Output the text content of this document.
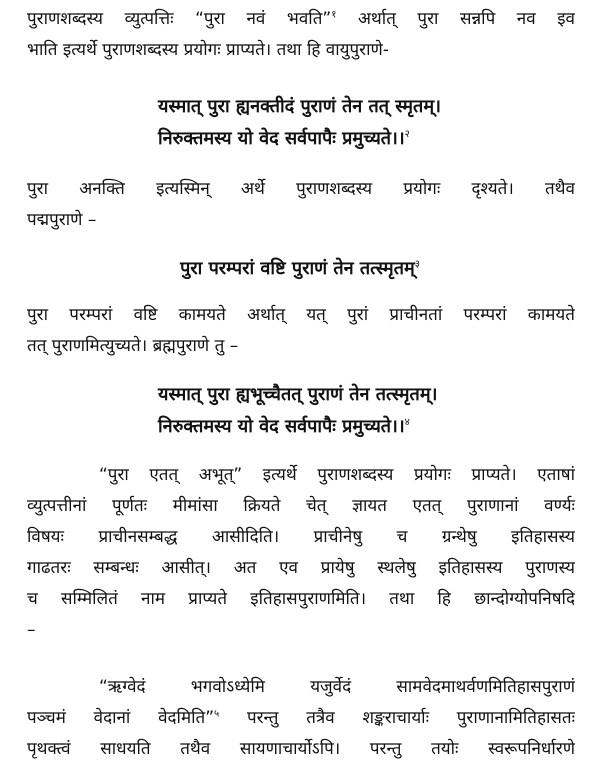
पुराणशब्दस्य व्युत्पत्तिः “पुरा नवं भवति”$^१$ अर्थात् पुरा सन्नपि नव इव
भाति इत्यर्थे पुराणशब्दस्य प्रयोगः प्राप्यते। तथा हि वायुपुराणे-
यस्मात् पुरा ह्यनक्तीदं पुराणं तेन तत् स्मृतम्।
निरुक्तमस्य यो वेद सर्वपापैः प्रमुच्यते।।$^२$
पुरा अनक्ति इत्यस्मिन् अर्थे पुराणशब्दस्य प्रयोगः दृश्यते। तथैव
पद्मपुराणे –
पुरा परम्परां वष्टि पुराणं तेन तत्स्मृतम्$^३$
पुरा परम्परां वष्टि कामयते अर्थात् यत् पुरां प्राचीनतां परम्परां कामयते
तत् पुराणमित्युच्यते। ब्रह्मपुराणे तु –
यस्मात् पुरा ह्यभूच्चैतत् पुराणं तेन तत्स्मृतम्।
निरुक्तमस्य यो वेद सर्वपापैः प्रमुच्यते।।$^४$
“पुरा एतत् अभूत्” इत्यर्थे पुराणशब्दस्य प्रयोगः प्राप्यते। एताषां
व्युत्पत्तीनां पूर्णतः मीमांसा क्रियते चेत् ज्ञायत एतत् पुराणानां वर्ण्यः
विषयः प्राचीनसम्बद्ध आसीदिति। प्राचीनेषु च ग्रन्थेषु इतिहासस्य
गाढतरः सम्बन्धः आसीत्। अत एव प्रायेषु स्थलेषु इतिहासस्य पुराणस्य
च सम्मिलितं नाम प्राप्यते इतिहासपुराणमिति। तथा हि छान्दोग्योपनिषदि
–
“ऋग्वेदं भगवोऽध्येमि यजुर्वेदं सामवेदमाथर्वणमितिहासपुराणं
पञ्चमं वेदानां वेदमिति”$^५$ परन्तु तत्रैव शङ्कराचार्याः पुराणानामितिहासतः
पृथक्त्वं साधयति तथैव सायणाचार्योऽपि। परन्तु तयोः स्वरूपनिर्धारणे
